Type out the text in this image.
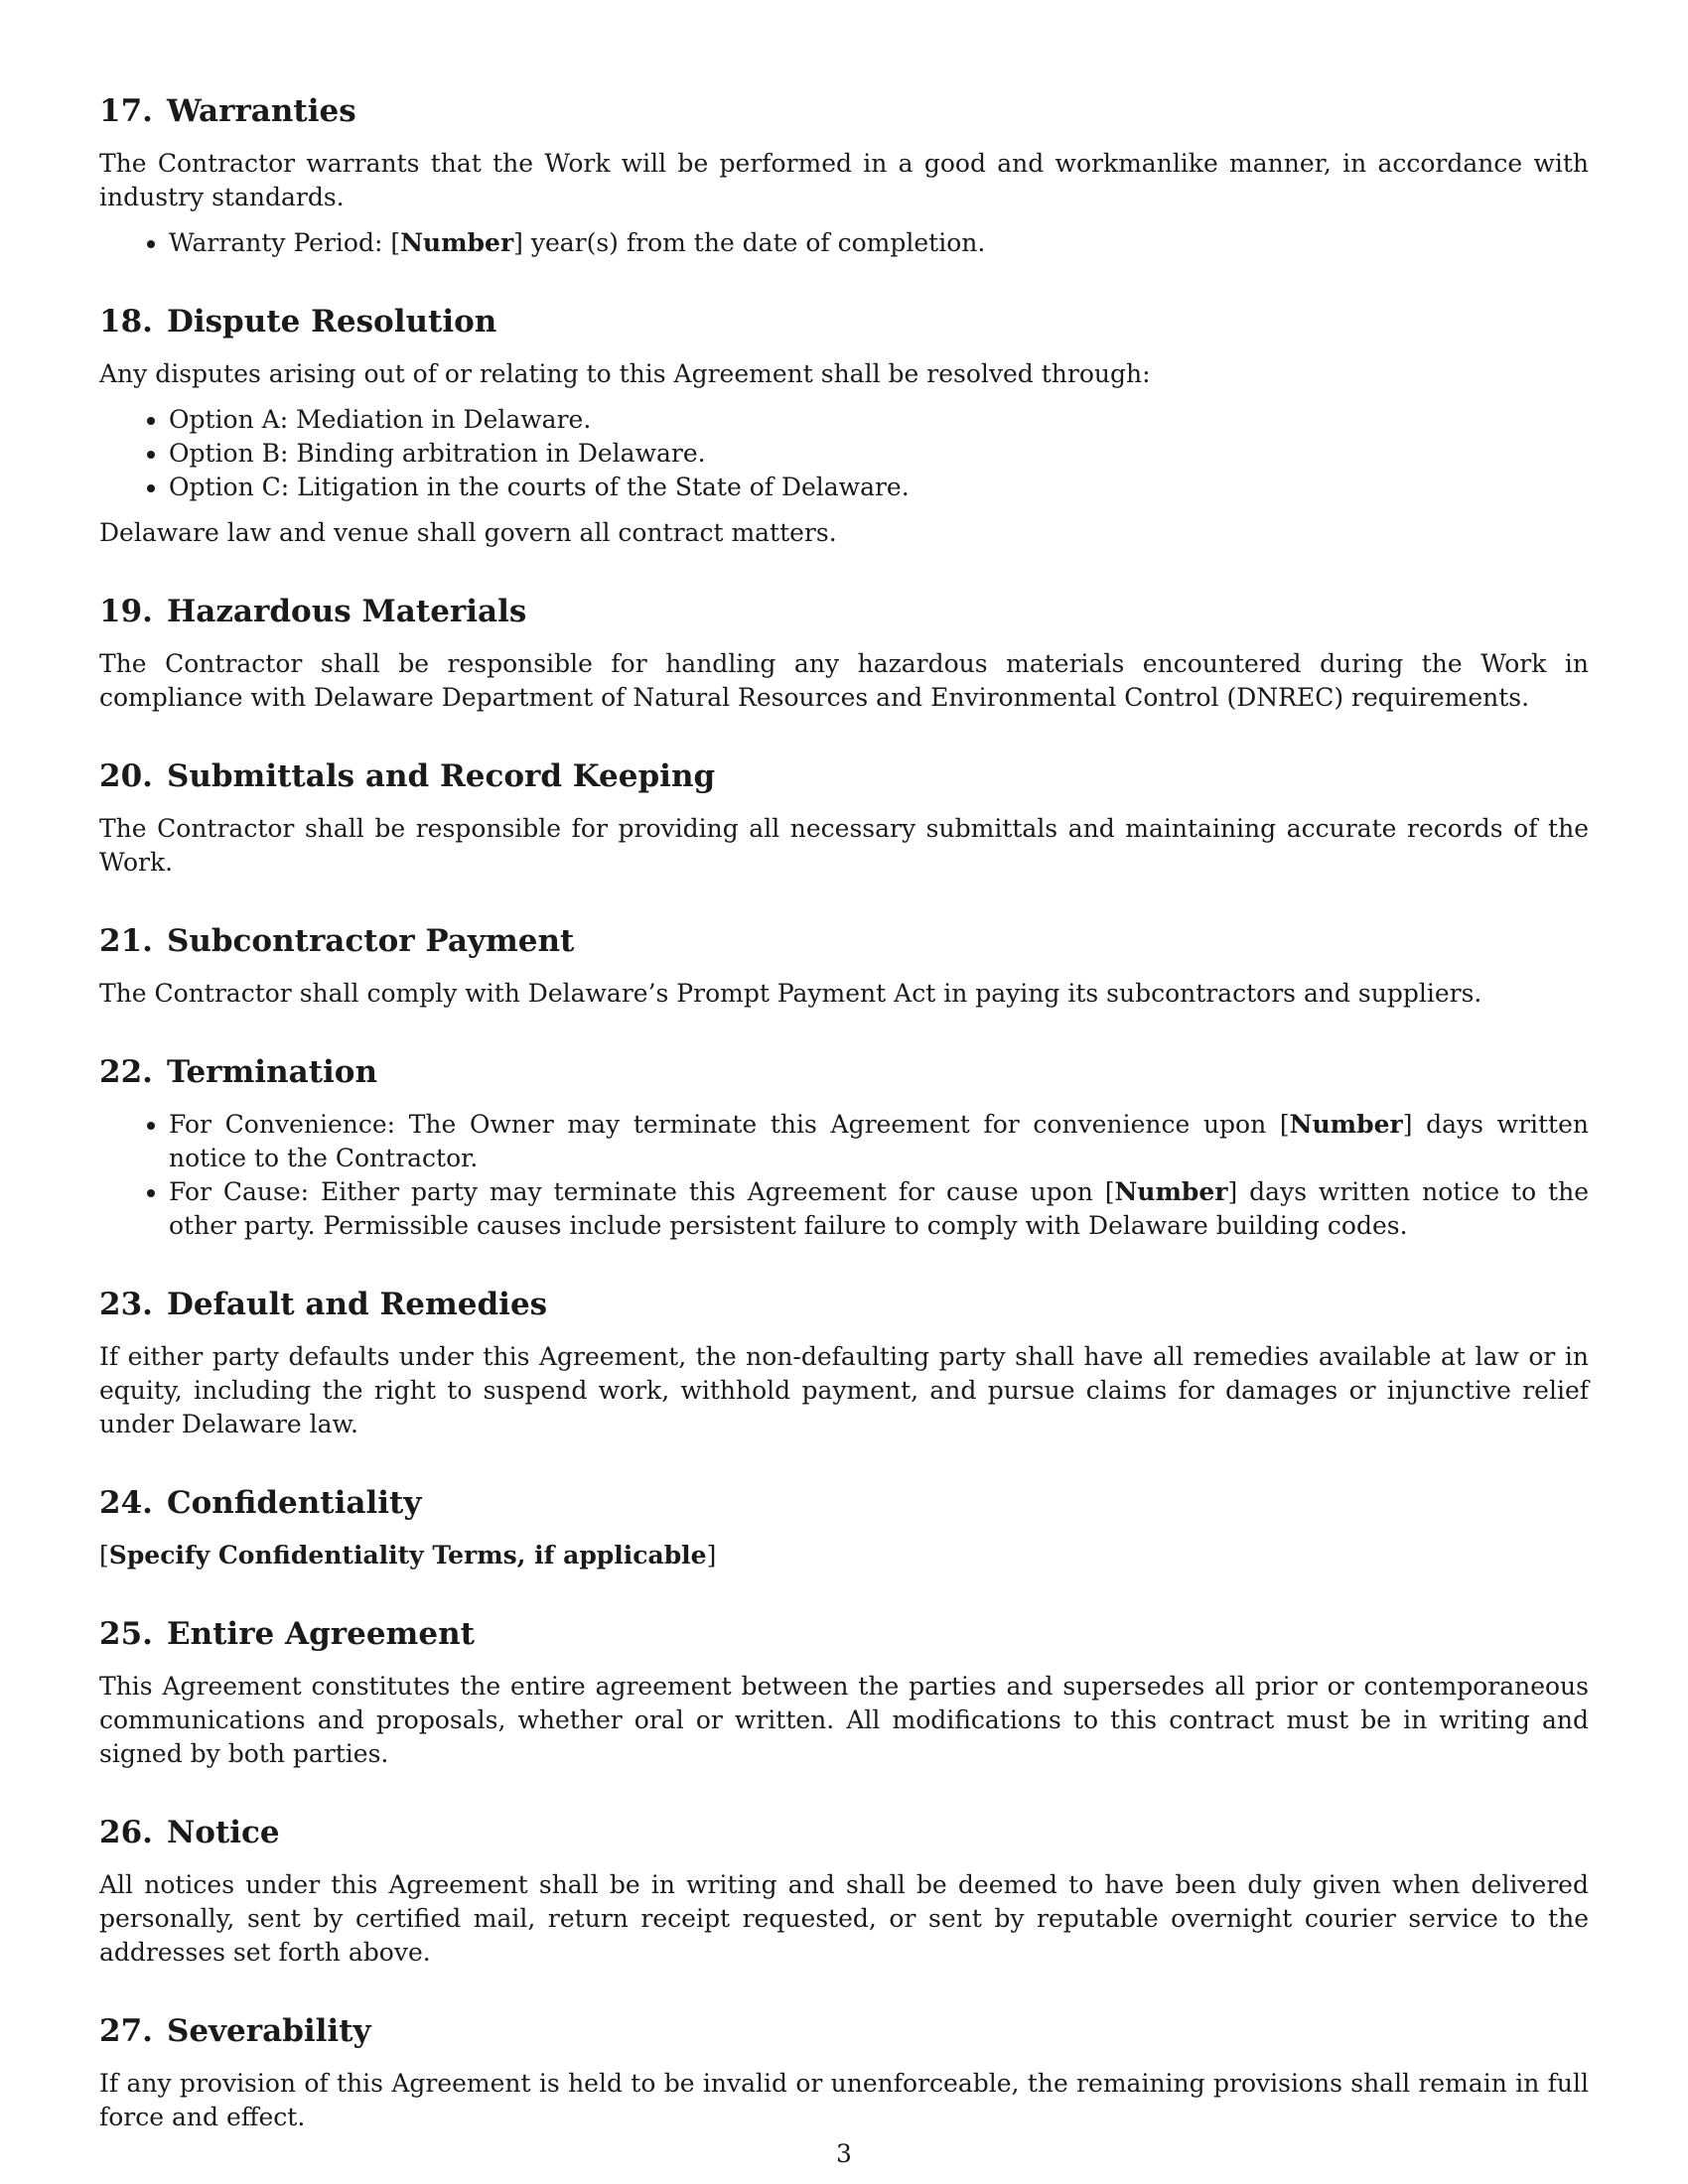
17. Warranties

The Contractor warrants that the Work will be performed in a good and workmanlike manner, in accordance with industry standards.

• Warranty Period: [Number] year(s) from the date of completion.
18. Dispute Resolution

Any disputes arising out of or relating to this Agreement shall be resolved through:

• Option A: Mediation in Delaware.
• Option B: Binding arbitration in Delaware.
• Option C: Litigation in the courts of the State of Delaware.

Delaware law and venue shall govern all contract matters.

19. Hazardous Materials

The Contractor shall be responsible for handling any hazardous materials encountered during the Work in compliance with Delaware Department of Natural Resources and Environmental Control (DNREC) requirements.

20. Submittals and Record Keeping

The Contractor shall be responsible for providing all necessary submittals and maintaining accurate records of the Work.

21. Subcontractor Payment

The Contractor shall comply with Delaware’s Prompt Payment Act in paying its subcontractors and suppliers.

22. Termination
• For Convenience: The Owner may terminate this Agreement for convenience upon [Number] days written notice to the Contractor.
• For Cause: Either party may terminate this Agreement for cause upon [Number] days written notice to the other party. Permissible causes include persistent failure to comply with Delaware building codes.
23. Default and Remedies

If either party defaults under this Agreement, the non-defaulting party shall have all remedies available at law or in equity, including the right to suspend work, withhold payment, and pursue claims for damages or injunctive relief under Delaware law.

24. Confidentiality

[Specify Confidentiality Terms, if applicable]

25. Entire Agreement

This Agreement constitutes the entire agreement between the parties and supersedes all prior or contemporaneous communications and proposals, whether oral or written. All modifications to this contract must be in writing and signed by both parties.

26. Notice

All notices under this Agreement shall be in writing and shall be deemed to have been duly given when delivered personally, sent by certified mail, return receipt requested, or sent by reputable overnight courier service to the addresses set forth above.

27. Severability

If any provision of this Agreement is held to be invalid or unenforceable, the remaining provisions shall remain in full force and effect.

3
